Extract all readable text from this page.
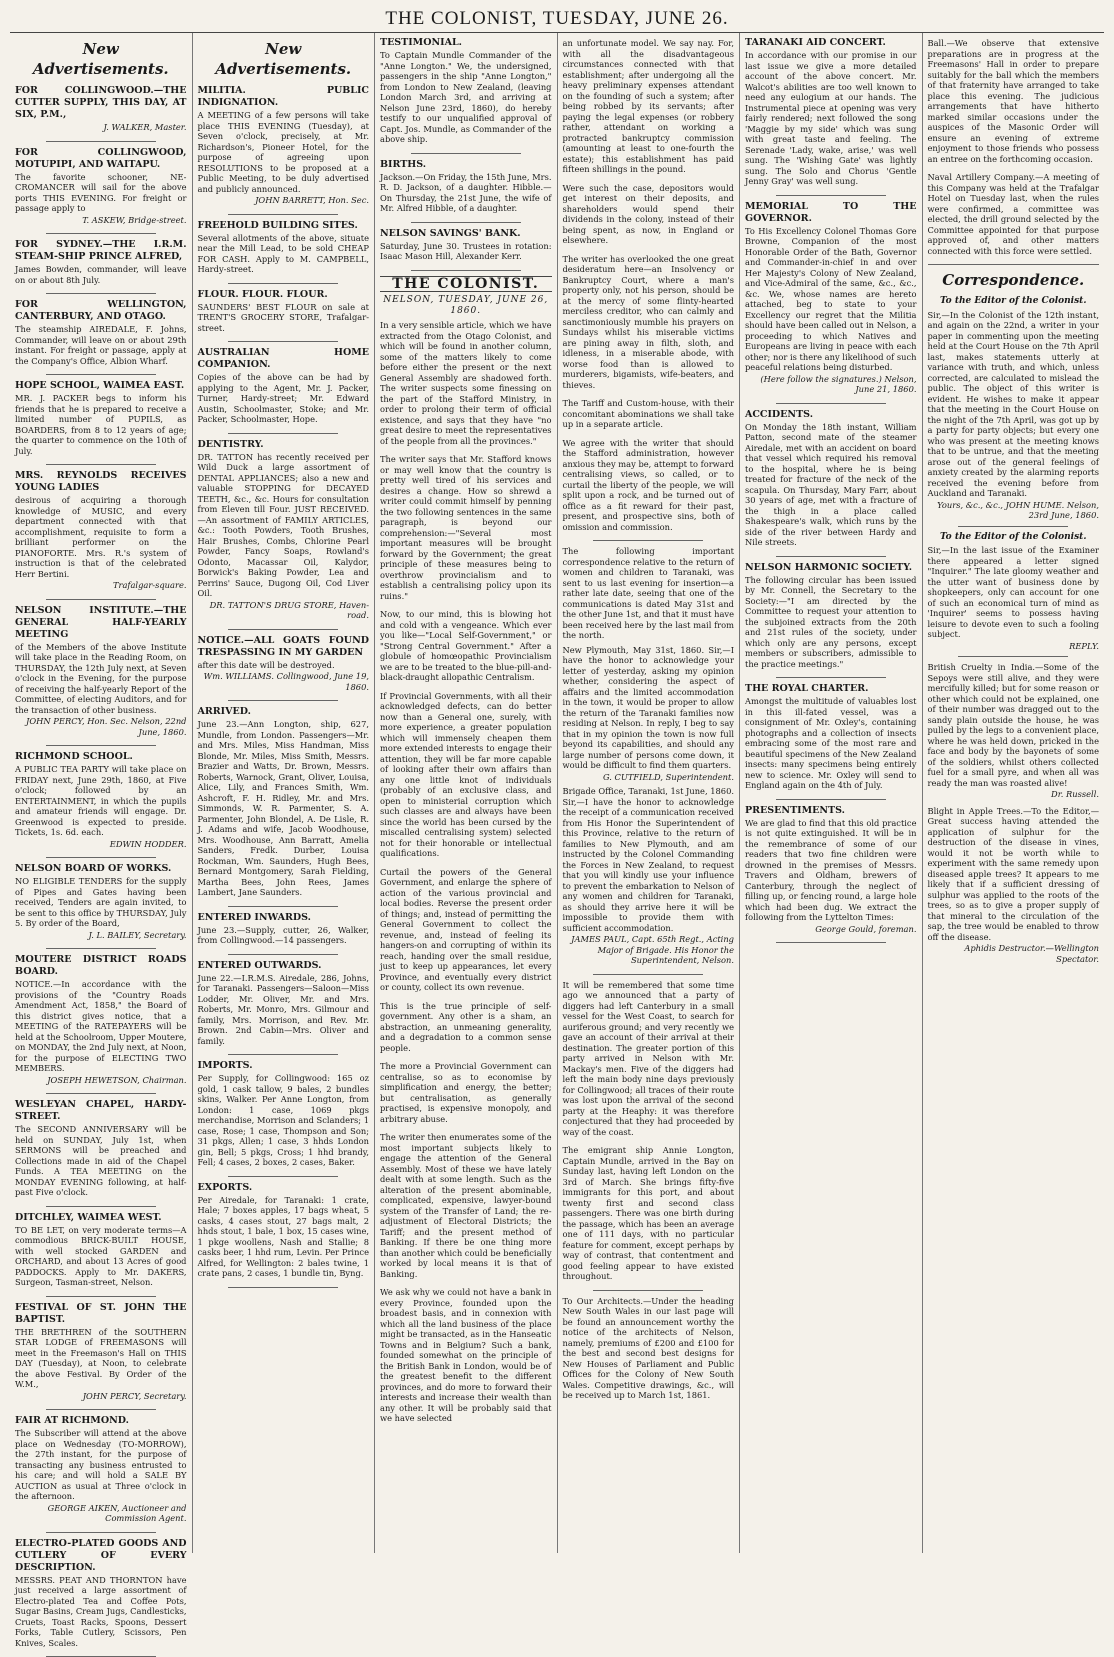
THE COLONIST, TUESDAY, JUNE 26.
New Advertisements.
FOR COLLINGWOOD.—THE CUTTER SUPPLY, THIS DAY, AT SIX, P.M.,
J. WALKER, Master.
FOR COLLINGWOOD, MOTUPIPI, AND WAITAPU.
The favorite schooner, NE-CROMANCER will sail for the above ports THIS EVENING. For freight or passage apply to
T. ASKEW, Bridge-street.
FOR SYDNEY.—THE I.R.M. STEAM-SHIP PRINCE ALFRED,
James Bowden, commander, will leave on or about 8th July.
FOR WELLINGTON, CANTERBURY, AND OTAGO.
The steamship AIREDALE, F. Johns, Commander, will leave on or about 29th instant. For freight or passage, apply at the Company's Office, Albion Wharf.
HOPE SCHOOL, WAIMEA EAST.
MR. J. PACKER begs to inform his friends that he is prepared to receive a limited number of PUPILS, as BOARDERS, from 8 to 12 years of age; the quarter to commence on the 10th of July.
MRS. REYNOLDS RECEIVES YOUNG LADIES
desirous of acquiring a thorough knowledge of MUSIC, and every department connected with that accomplishment, requisite to form a brilliant performer on the PIANOFORTE. Mrs. R.'s system of instruction is that of the celebrated Herr Bertini.
Trafalgar-square.
NELSON INSTITUTE.—THE GENERAL HALF-YEARLY MEETING
of the Members of the above Institute will take place in the Reading Room, on THURSDAY, the 12th July next, at Seven o'clock in the Evening, for the purpose of receiving the half-yearly Report of the Committee, of electing Auditors, and for the transaction of other business.
JOHN PERCY, Hon. Sec. Nelson, 22nd June, 1860.
RICHMOND SCHOOL.
A PUBLIC TEA PARTY will take place on FRIDAY next, June 29th, 1860, at Five o'clock; followed by an ENTERTAINMENT, in which the pupils and amateur friends will engage. Dr. Greenwood is expected to preside. Tickets, 1s. 6d. each.
EDWIN HODDER.
NELSON BOARD OF WORKS.
NO ELIGIBLE TENDERS for the supply of Pipes and Gates having been received, Tenders are again invited, to be sent to this office by THURSDAY, July 5. By order of the Board,
J. L. BAILEY, Secretary.
MOUTERE DISTRICT ROADS BOARD.
NOTICE.—In accordance with the provisions of the "Country Roads Amendment Act, 1858," the Board of this district gives notice, that a MEETING of the RATEPAYERS will be held at the Schoolroom, Upper Moutere, on MONDAY, the 2nd July next, at Noon, for the purpose of ELECTING TWO MEMBERS.
JOSEPH HEWETSON, Chairman.
WESLEYAN CHAPEL, HARDY-STREET.
The SECOND ANNIVERSARY will be held on SUNDAY, July 1st, when SERMONS will be preached and Collections made in aid of the Chapel Funds. A TEA MEETING on the MONDAY EVENING following, at half-past Five o'clock.
DITCHLEY, WAIMEA WEST.
TO BE LET, on very moderate terms—A commodious BRICK-BUILT HOUSE, with well stocked GARDEN and ORCHARD, and about 13 Acres of good PADDOCKS. Apply to Mr. DAKERS, Surgeon, Tasman-street, Nelson.
FESTIVAL OF ST. JOHN THE BAPTIST.
THE BRETHREN of the SOUTHERN STAR LODGE of FREEMASONS will meet in the Freemason's Hall on THIS DAY (Tuesday), at Noon, to celebrate the above Festival. By Order of the W.M.,
JOHN PERCY, Secretary.
FAIR AT RICHMOND.
The Subscriber will attend at the above place on Wednesday (TO-MORROW), the 27th instant, for the purpose of transacting any business entrusted to his care; and will hold a SALE BY AUCTION as usual at Three o'clock in the afternoon.
GEORGE AIKEN, Auctioneer and Commission Agent.
ELECTRO-PLATED GOODS AND CUTLERY OF EVERY DESCRIPTION.
MESSRS. PEAT AND THORNTON have just received a large assortment of Electro-plated Tea and Coffee Pots, Sugar Basins, Cream Jugs, Candlesticks, Cruets, Toast Racks, Spoons, Dessert Forks, Table Cutlery, Scissors, Pen Knives, Scales.
New Advertisements.
MILITIA. PUBLIC INDIGNATION.
A MEETING of a few persons will take place THIS EVENING (Tuesday), at Seven o'clock, precisely, at Mr. Richardson's, Pioneer Hotel, for the purpose of agreeing upon RESOLUTIONS to be proposed at a Public Meeting, to be duly advertised and publicly announced.
JOHN BARRETT, Hon. Sec.
FREEHOLD BUILDING SITES.
Several allotments of the above, situate near the Mill Lead, to be sold CHEAP FOR CASH. Apply to M. CAMPBELL, Hardy-street.
FLOUR. FLOUR. FLOUR.
SAUNDERS' BEST FLOUR on sale at TRENT'S GROCERY STORE, Trafalgar-street.
AUSTRALIAN HOME COMPANION.
Copies of the above can be had by applying to the Agent, Mr. J. Packer, Turner, Hardy-street; Mr. Edward Austin, Schoolmaster, Stoke; and Mr. Packer, Schoolmaster, Hope.
DENTISTRY.
DR. TATTON has recently received per Wild Duck a large assortment of DENTAL APPLIANCES; also a new and valuable STOPPING for DECAYED TEETH, &c., &c. Hours for consultation from Eleven till Four. JUST RECEIVED.—An assortment of FAMILY ARTICLES, &c.: Tooth Powders, Tooth Brushes, Hair Brushes, Combs, Chlorine Pearl Powder, Fancy Soaps, Rowland's Odonto, Macassar Oil, Kalydor, Borwick's Baking Powder, Lea and Perrins' Sauce, Dugong Oil, Cod Liver Oil.
DR. TATTON'S DRUG STORE, Haven-road.
NOTICE.—ALL GOATS FOUND TRESPASSING IN MY GARDEN
after this date will be destroyed.
Wm. WILLIAMS. Collingwood, June 19, 1860.
ARRIVED.
June 23.—Ann Longton, ship, 627, Mundle, from London. Passengers—Mr. and Mrs. Miles, Miss Handman, Miss Blonde, Mr. Miles, Miss Smith, Messrs. Brazier and Watts, Dr. Brown, Messrs. Roberts, Warnock, Grant, Oliver, Louisa, Alice, Lily, and Frances Smith, Wm. Ashcroft, F. H. Ridley, Mr. and Mrs. Simmonds, W. R. Parmenter, S. A. Parmenter, John Blondel, A. De Lisle, R. J. Adams and wife, Jacob Woodhouse, Mrs. Woodhouse, Ann Barratt, Amelia Sanders, Fredk. Durber, Louisa Rockman, Wm. Saunders, Hugh Bees, Bernard Montgomery, Sarah Fielding, Martha Bees, John Rees, James Lambert, Jane Saunders.
ENTERED INWARDS.
June 23.—Supply, cutter, 26, Walker, from Collingwood.—14 passengers.
ENTERED OUTWARDS.
June 22.—I.R.M.S. Airedale, 286, Johns, for Taranaki. Passengers—Saloon—Miss Lodder, Mr. Oliver, Mr. and Mrs. Roberts, Mr. Monro, Mrs. Gilmour and family, Mrs. Morrison, and Rev. Mr. Brown. 2nd Cabin—Mrs. Oliver and family.
IMPORTS.
Per Supply, for Collingwood: 165 oz gold, 1 cask tallow, 9 bales, 2 bundles skins, Walker. Per Anne Longton, from London: 1 case, 1069 pkgs merchandise, Morrison and Sclanders; 1 case, Rose; 1 case, Thompson and Son; 31 pkgs, Allen; 1 case, 3 hhds London gin, Bell; 5 pkgs, Cross; 1 hhd brandy, Fell; 4 cases, 2 boxes, 2 cases, Baker.
EXPORTS.
Per Airedale, for Taranaki: 1 crate, Hale; 7 boxes apples, 17 bags wheat, 5 casks, 4 cases stout, 27 bags malt, 2 hhds stout, 1 bale, 1 box, 15 cases wine, 1 pkge woollens, Nash and Stallie; 8 casks beer, 1 hhd rum, Levin. Per Prince Alfred, for Wellington: 2 bales twine, 1 crate pans, 2 cases, 1 bundle tin, Byng.
TESTIMONIAL.
To Captain Mundle Commander of the "Anne Longton." We, the undersigned, passengers in the ship "Anne Longton," from London to New Zealand, (leaving London March 3rd, and arriving at Nelson June 23rd, 1860), do hereby testify to our unqualified approval of Capt. Jos. Mundle, as Commander of the above ship.
BIRTHS.
Jackson.—On Friday, the 15th June, Mrs. R. D. Jackson, of a daughter. Hibble.—On Thursday, the 21st June, the wife of Mr. Alfred Hibble, of a daughter.
NELSON SAVINGS' BANK.
Saturday, June 30. Trustees in rotation: Isaac Mason Hill, Alexander Kerr.
THE COLONIST.
NELSON, TUESDAY, JUNE 26, 1860.
In a very sensible article, which we have extracted from the Otago Colonist, and which will be found in another column, some of the matters likely to come before either the present or the next General Assembly are shadowed forth. The writer suspects some finessing on the part of the Stafford Ministry, in order to prolong their term of official existence, and says that they have "no great desire to meet the representatives of the people from all the provinces."
The writer says that Mr. Stafford knows or may well know that the country is pretty well tired of his services and desires a change. How so shrewd a writer could commit himself by penning the two following sentences in the same paragraph, is beyond our comprehension:—"Several most important measures will be brought forward by the Government; the great principle of these measures being to overthrow provincialism and to establish a centralising policy upon its ruins."
Now, to our mind, this is blowing hot and cold with a vengeance. Which ever you like—"Local Self-Government," or "Strong Central Government." After a globule of homœopathic Provincialism we are to be treated to the blue-pill-and-black-draught allopathic Centralism.
If Provincial Governments, with all their acknowledged defects, can do better now than a General one, surely, with more experience, a greater population which will immensely cheapen them more extended interests to engage their attention, they will be far more capable of looking after their own affairs than any one little knot of individuals (probably of an exclusive class, and open to ministerial corruption which such classes are and always have been since the world has been cursed by the miscalled centralising system) selected not for their honorable or intellectual qualifications.
Curtail the powers of the General Government, and enlarge the sphere of action of the various provincial and local bodies. Reverse the present order of things; and, instead of permitting the General Government to collect the revenue, and, instead of feeling its hangers-on and corrupting of within its reach, handing over the small residue, just to keep up appearances, let every Province, and eventually every district or county, collect its own revenue.
This is the true principle of self-government. Any other is a sham, an abstraction, an unmeaning generality, and a degradation to a common sense people.
The more a Provincial Government can centralise, so as to economise by simplification and energy, the better; but centralisation, as generally practised, is expensive monopoly, and arbitrary abuse.
The writer then enumerates some of the most important subjects likely to engage the attention of the General Assembly. Most of these we have lately dealt with at some length. Such as the alteration of the present abominable, complicated, expensive, lawyer-bound system of the Transfer of Land; the re-adjustment of Electoral Districts; the Tariff; and the present method of Banking. If there be one thing more than another which could be beneficially worked by local means it is that of Banking.
We ask why we could not have a bank in every Province, founded upon the broadest basis, and in connexion with which all the land business of the place might be transacted, as in the Hanseatic Towns and in Belgium? Such a bank, founded somewhat on the principle of the British Bank in London, would be of the greatest benefit to the different provinces, and do more to forward their interests and increase their wealth than any other. It will be probably said that we have selected
an unfortunate model. We say nay. For, with all the disadvantageous circumstances connected with that establishment; after undergoing all the heavy preliminary expenses attendant on the founding of such a system; after being robbed by its servants; after paying the legal expenses (or robbery rather, attendant on working a protracted bankruptcy commission (amounting at least to one-fourth the estate); this establishment has paid fifteen shillings in the pound.
Were such the case, depositors would get interest on their deposits, and shareholders would spend their dividends in the colony, instead of their being spent, as now, in England or elsewhere.
The writer has overlooked the one great desideratum here—an Insolvency or Bankruptcy Court, where a man's property only, not his person, should be at the mercy of some flinty-hearted merciless creditor, who can calmly and sanctimoniously mumble his prayers on Sundays whilst his miserable victims are pining away in filth, sloth, and idleness, in a miserable abode, with worse food than is allowed to murderers, bigamists, wife-beaters, and thieves.
The Tariff and Custom-house, with their concomitant abominations we shall take up in a separate article.
We agree with the writer that should the Stafford administration, however anxious they may be, attempt to forward centralising views, so called, or to curtail the liberty of the people, we will split upon a rock, and be turned out of office as a fit reward for their past, present, and prospective sins, both of omission and commission.
The following important correspondence relative to the return of women and children to Taranaki, was sent to us last evening for insertion—a rather late date, seeing that one of the communications is dated May 31st and the other June 1st, and that it must have been received here by the last mail from the north.
New Plymouth, May 31st, 1860. Sir,—I have the honor to acknowledge your letter of yesterday, asking my opinion whether, considering the aspect of affairs and the limited accommodation in the town, it would be proper to allow the return of the Taranaki families now residing at Nelson. In reply, I beg to say that in my opinion the town is now full beyond its capabilities, and should any large number of persons come down, it would be difficult to find them quarters.
G. CUTFIELD, Superintendent.
Brigade Office, Taranaki, 1st June, 1860. Sir,—I have the honor to acknowledge the receipt of a communication received from His Honor the Superintendent of this Province, relative to the return of families to New Plymouth, and am instructed by the Colonel Commanding the Forces in New Zealand, to request that you will kindly use your influence to prevent the embarkation to Nelson of any women and children for Taranaki, as should they arrive here it will be impossible to provide them with sufficient accommodation.
JAMES PAUL, Capt. 65th Regt., Acting Major of Brigade. His Honor the Superintendent, Nelson.
It will be remembered that some time ago we announced that a party of diggers had left Canterbury in a small vessel for the West Coast, to search for auriferous ground; and very recently we gave an account of their arrival at their destination. The greater portion of this party arrived in Nelson with Mr. Mackay's men. Five of the diggers had left the main body nine days previously for Collingwood; all traces of their route was lost upon the arrival of the second party at the Heaphy: it was therefore conjectured that they had proceeded by way of the coast.
The emigrant ship Annie Longton, Captain Mundle, arrived in the Bay on Sunday last, having left London on the 3rd of March. She brings fifty-five immigrants for this port, and about twenty first and second class passengers. There was one birth during the passage, which has been an average one of 111 days, with no particular feature for comment, except perhaps by way of contrast, that contentment and good feeling appear to have existed throughout.
To Our Architects.—Under the heading New South Wales in our last page will be found an announcement worthy the notice of the architects of Nelson, namely, premiums of £200 and £100 for the best and second best designs for New Houses of Parliament and Public Offices for the Colony of New South Wales. Competitive drawings, &c., will be received up to March 1st, 1861.
TARANAKI AID CONCERT.
In accordance with our promise in our last issue we give a more detailed account of the above concert. Mr. Walcot's abilities are too well known to need any eulogium at our hands. The Instrumental piece at opening was very fairly rendered; next followed the song 'Maggie by my side' which was sung with great taste and feeling. The Serenade 'Lady, wake, arise,' was well sung. The 'Wishing Gate' was lightly sung. The Solo and Chorus 'Gentle Jenny Gray' was well sung.
MEMORIAL TO THE GOVERNOR.
To His Excellency Colonel Thomas Gore Browne, Companion of the most Honorable Order of the Bath, Governor and Commander-in-chief in and over Her Majesty's Colony of New Zealand, and Vice-Admiral of the same, &c., &c., &c. We, whose names are hereto attached, beg to state to your Excellency our regret that the Militia should have been called out in Nelson, a proceeding to which Natives and Europeans are living in peace with each other; nor is there any likelihood of such peaceful relations being disturbed.
(Here follow the signatures.) Nelson, June 21, 1860.
ACCIDENTS.
On Monday the 18th instant, William Patton, second mate of the steamer Airedale, met with an accident on board that vessel which required his removal to the hospital, where he is being treated for fracture of the neck of the scapula. On Thursday, Mary Farr, about 30 years of age, met with a fracture of the thigh in a place called Shakespeare's walk, which runs by the side of the river between Hardy and Nile streets.
NELSON HARMONIC SOCIETY.
The following circular has been issued by Mr. Connell, the Secretary to the Society:—"I am directed by the Committee to request your attention to the subjoined extracts from the 20th and 21st rules of the society, under which only are any persons, except members or subscribers, admissible to the practice meetings."
THE ROYAL CHARTER.
Amongst the multitude of valuables lost in this ill-fated vessel, was a consignment of Mr. Oxley's, containing photographs and a collection of insects embracing some of the most rare and beautiful specimens of the New Zealand insects: many specimens being entirely new to science. Mr. Oxley will send to England again on the 4th of July.
PRESENTIMENTS.
We are glad to find that this old practice is not quite extinguished. It will be in the remembrance of some of our readers that two fine children were drowned in the premises of Messrs. Travers and Oldham, brewers of Canterbury, through the neglect of filling up, or fencing round, a large hole which had been dug. We extract the following from the Lyttelton Times:
George Gould, foreman.
Ball.—We observe that extensive preparations are in progress at the Freemasons' Hall in order to prepare suitably for the ball which the members of that fraternity have arranged to take place this evening. The judicious arrangements that have hitherto marked similar occasions under the auspices of the Masonic Order will ensure an evening of extreme enjoyment to those friends who possess an entree on the forthcoming occasion.
Naval Artillery Company.—A meeting of this Company was held at the Trafalgar Hotel on Tuesday last, when the rules were confirmed, a committee was elected, the drill ground selected by the Committee appointed for that purpose approved of, and other matters connected with this force were settled.
Correspondence.
To the Editor of the Colonist.
Sir,—In the Colonist of the 12th instant, and again on the 22nd, a writer in your paper in commenting upon the meeting held at the Court House on the 7th April last, makes statements utterly at variance with truth, and which, unless corrected, are calculated to mislead the public. The object of this writer is evident. He wishes to make it appear that the meeting in the Court House on the night of the 7th April, was got up by a party for party objects; but every one who was present at the meeting knows that to be untrue, and that the meeting arose out of the general feelings of anxiety created by the alarming reports received the evening before from Auckland and Taranaki.
Yours, &c., &c., JOHN HUME. Nelson, 23rd June, 1860.
To the Editor of the Colonist.
Sir,—In the last issue of the Examiner there appeared a letter signed "Inquirer." The late gloomy weather and the utter want of business done by shopkeepers, only can account for one of such an economical turn of mind as 'Inquirer' seems to possess having leisure to devote even to such a fooling subject.
REPLY.
British Cruelty in India.—Some of the Sepoys were still alive, and they were mercifully killed; but for some reason or other which could not be explained, one of their number was dragged out to the sandy plain outside the house, he was pulled by the legs to a convenient place, where he was held down, pricked in the face and body by the bayonets of some of the soldiers, whilst others collected fuel for a small pyre, and when all was ready the man was roasted alive!
Dr. Russell.
Blight in Apple Trees.—To the Editor,—Great success having attended the application of sulphur for the destruction of the disease in vines, would it not be worth while to experiment with the same remedy upon diseased apple trees? It appears to me likely that if a sufficient dressing of sulphur was applied to the roots of the trees, so as to give a proper supply of that mineral to the circulation of the sap, the tree would be enabled to throw off the disease.
Aphidis Destructor.—Wellington Spectator.
